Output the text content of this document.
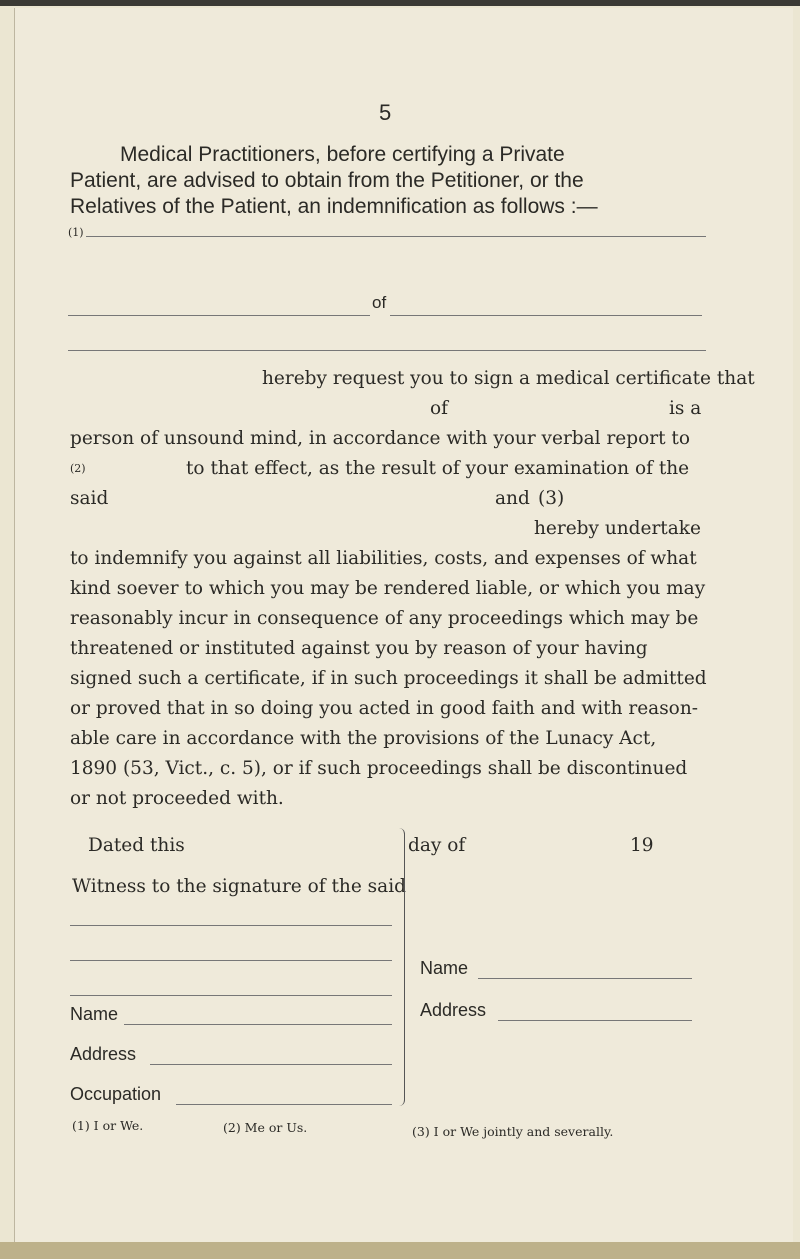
5
Medical Practitioners, before certifying a Private
Patient, are advised to obtain from the Petitioner, or the
Relatives of the Patient, an indemnification as follows :—
(1)
of
hereby request you to sign a medical certificate that
of	is a
person of unsound mind, in accordance with your verbal report to
(2)	to that effect, as the result of your examination of the
said	and (3)
hereby undertake
to indemnify you against all liabilities, costs, and expenses of what
kind soever to which you may be rendered liable, or which you may
reasonably incur in consequence of any proceedings which may be
threatened or instituted against you by reason of your having
signed such a certificate, if in such proceedings it shall be admitted
or proved that in so doing you acted in good faith and with reason-
able care in accordance with the provisions of the Lunacy Act,
1890 (53, Vict., c. 5), or if such proceedings shall be discontinued
or not proceeded with.
Dated this	day of	19
Witness to the signature of the said
Name
Address
Occupation
Name
Address
(1) I or We.	(2) Me or Us.	(3) I or We jointly and severally.
